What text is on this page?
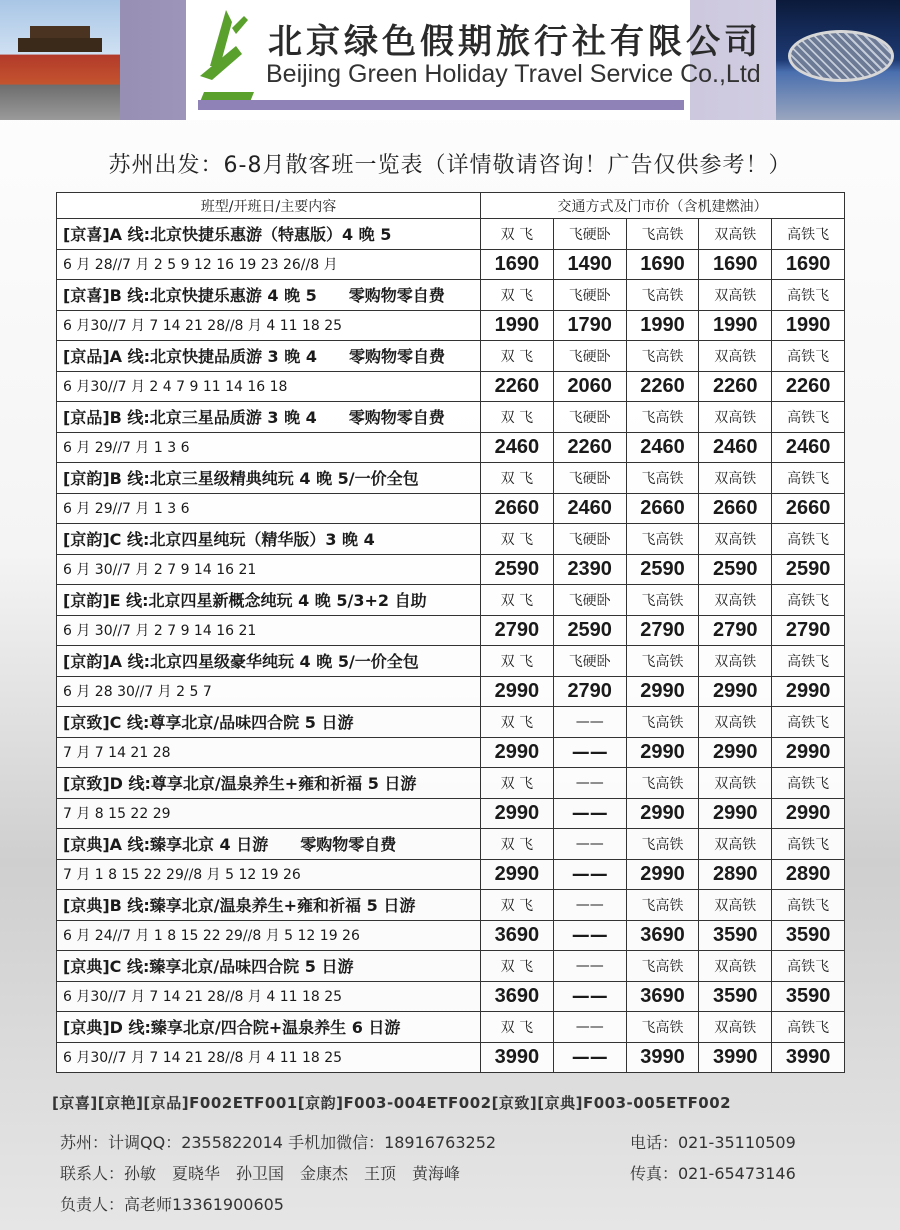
北京绿色假期旅行社有限公司
Beijing Green Holiday Travel Service Co.,Ltd
苏州出发：6-8月散客班一览表（详情敬请咨询！广告仅供参考！）
班型/开班日/主要内容	交通方式及门市价（含机建燃油）				
[京喜]A 线:北京快捷乐惠游（特惠版）4 晚 5	双 飞	飞硬卧	飞高铁	双高铁	高铁飞
6 月 28//7 月 2 5 9 12 16 19 23 26//8 月	1690	1490	1690	1690	1690
[京喜]B 线:北京快捷乐惠游 4 晚 5　　零购物零自费	双 飞	飞硬卧	飞高铁	双高铁	高铁飞
6 月30//7 月 7 14 21 28//8 月 4 11 18 25	1990	1790	1990	1990	1990
[京品]A 线:北京快捷品质游 3 晚 4　　零购物零自费	双 飞	飞硬卧	飞高铁	双高铁	高铁飞
6 月30//7 月 2 4 7 9 11 14 16 18	2260	2060	2260	2260	2260
[京品]B 线:北京三星品质游 3 晚 4　　零购物零自费	双 飞	飞硬卧	飞高铁	双高铁	高铁飞
6 月 29//7 月 1 3 6	2460	2260	2460	2460	2460
[京韵]B 线:北京三星级精典纯玩 4 晚 5/一价全包	双 飞	飞硬卧	飞高铁	双高铁	高铁飞
6 月 29//7 月 1 3 6	2660	2460	2660	2660	2660
[京韵]C 线:北京四星纯玩（精华版）3 晚 4	双 飞	飞硬卧	飞高铁	双高铁	高铁飞
6 月 30//7 月 2 7 9 14 16 21	2590	2390	2590	2590	2590
[京韵]E 线:北京四星新概念纯玩 4 晚 5/3+2 自助	双 飞	飞硬卧	飞高铁	双高铁	高铁飞
6 月 30//7 月 2 7 9 14 16 21	2790	2590	2790	2790	2790
[京韵]A 线:北京四星级豪华纯玩 4 晚 5/一价全包	双 飞	飞硬卧	飞高铁	双高铁	高铁飞
6 月 28 30//7 月 2 5 7	2990	2790	2990	2990	2990
[京致]C 线:尊享北京/品味四合院 5 日游	双 飞	——	飞高铁	双高铁	高铁飞
7 月 7 14 21 28	2990	——	2990	2990	2990
[京致]D 线:尊享北京/温泉养生+雍和祈福 5 日游	双 飞	——	飞高铁	双高铁	高铁飞
7 月 8 15 22 29	2990	——	2990	2990	2990
[京典]A 线:臻享北京 4 日游　　零购物零自费	双 飞	——	飞高铁	双高铁	高铁飞
7 月 1 8 15 22 29//8 月 5 12 19 26	2990	——	2990	2890	2890
[京典]B 线:臻享北京/温泉养生+雍和祈福 5 日游	双 飞	——	飞高铁	双高铁	高铁飞
6 月 24//7 月 1 8 15 22 29//8 月 5 12 19 26	3690	——	3690	3590	3590
[京典]C 线:臻享北京/品味四合院 5 日游	双 飞	——	飞高铁	双高铁	高铁飞
6 月30//7 月 7 14 21 28//8 月 4 11 18 25	3690	——	3690	3590	3590
[京典]D 线:臻享北京/四合院+温泉养生 6 日游	双 飞	——	飞高铁	双高铁	高铁飞
6 月30//7 月 7 14 21 28//8 月 4 11 18 25	3990	——	3990	3990	3990
[京喜][京艳][京品]F002ETF001[京韵]F003-004ETF002[京致][京典]F003-005ETF002
苏州：计调QQ：2355822014 手机加微信：18916763252	电话：021-35110509
联系人：孙敏　夏晓华　孙卫国　金康杰　王顶　黄海峰	传真：021-65473146
负责人：高老师13361900605
